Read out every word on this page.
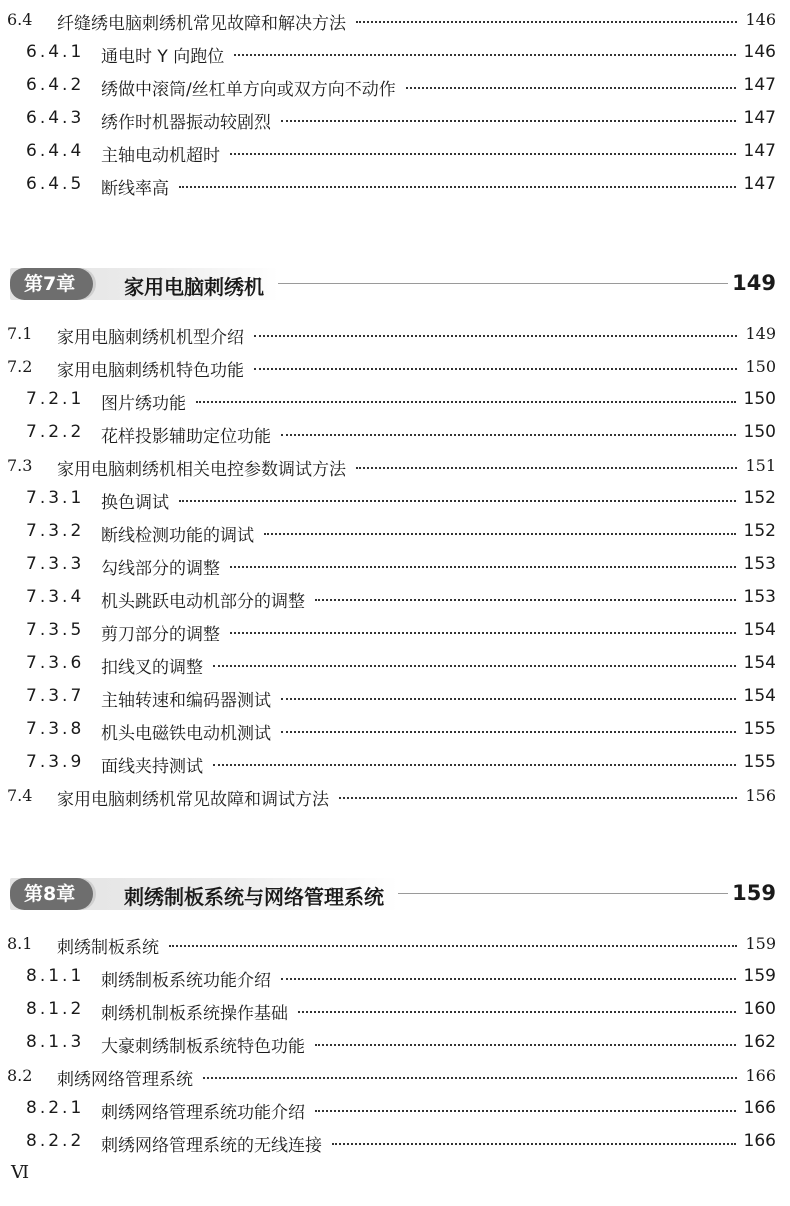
6.4 纤缝绣电脑刺绣机常见故障和解决方法	146
6.4.1 通电时 Y 向跑位	146
6.4.2 绣做中滚筒/丝杠单方向或双方向不动作	147
6.4.3 绣作时机器振动较剧烈	147
6.4.4 主轴电动机超时	147
6.4.5 断线率高	147
第7章	家用电脑刺绣机	149
7.1 家用电脑刺绣机机型介绍	149
7.2 家用电脑刺绣机特色功能	150
7.2.1 图片绣功能	150
7.2.2 花样投影辅助定位功能	150
7.3 家用电脑刺绣机相关电控参数调试方法	151
7.3.1 换色调试	152
7.3.2 断线检测功能的调试	152
7.3.3 勾线部分的调整	153
7.3.4 机头跳跃电动机部分的调整	153
7.3.5 剪刀部分的调整	154
7.3.6 扣线叉的调整	154
7.3.7 主轴转速和编码器测试	154
7.3.8 机头电磁铁电动机测试	155
7.3.9 面线夹持测试	155
7.4 家用电脑刺绣机常见故障和调试方法	156
第8章	刺绣制板系统与网络管理系统	159
8.1 刺绣制板系统	159
8.1.1 刺绣制板系统功能介绍	159
8.1.2 刺绣机制板系统操作基础	160
8.1.3 大豪刺绣制板系统特色功能	162
8.2 刺绣网络管理系统	166
8.2.1 刺绣网络管理系统功能介绍	166
8.2.2 刺绣网络管理系统的无线连接	166
Ⅵ
